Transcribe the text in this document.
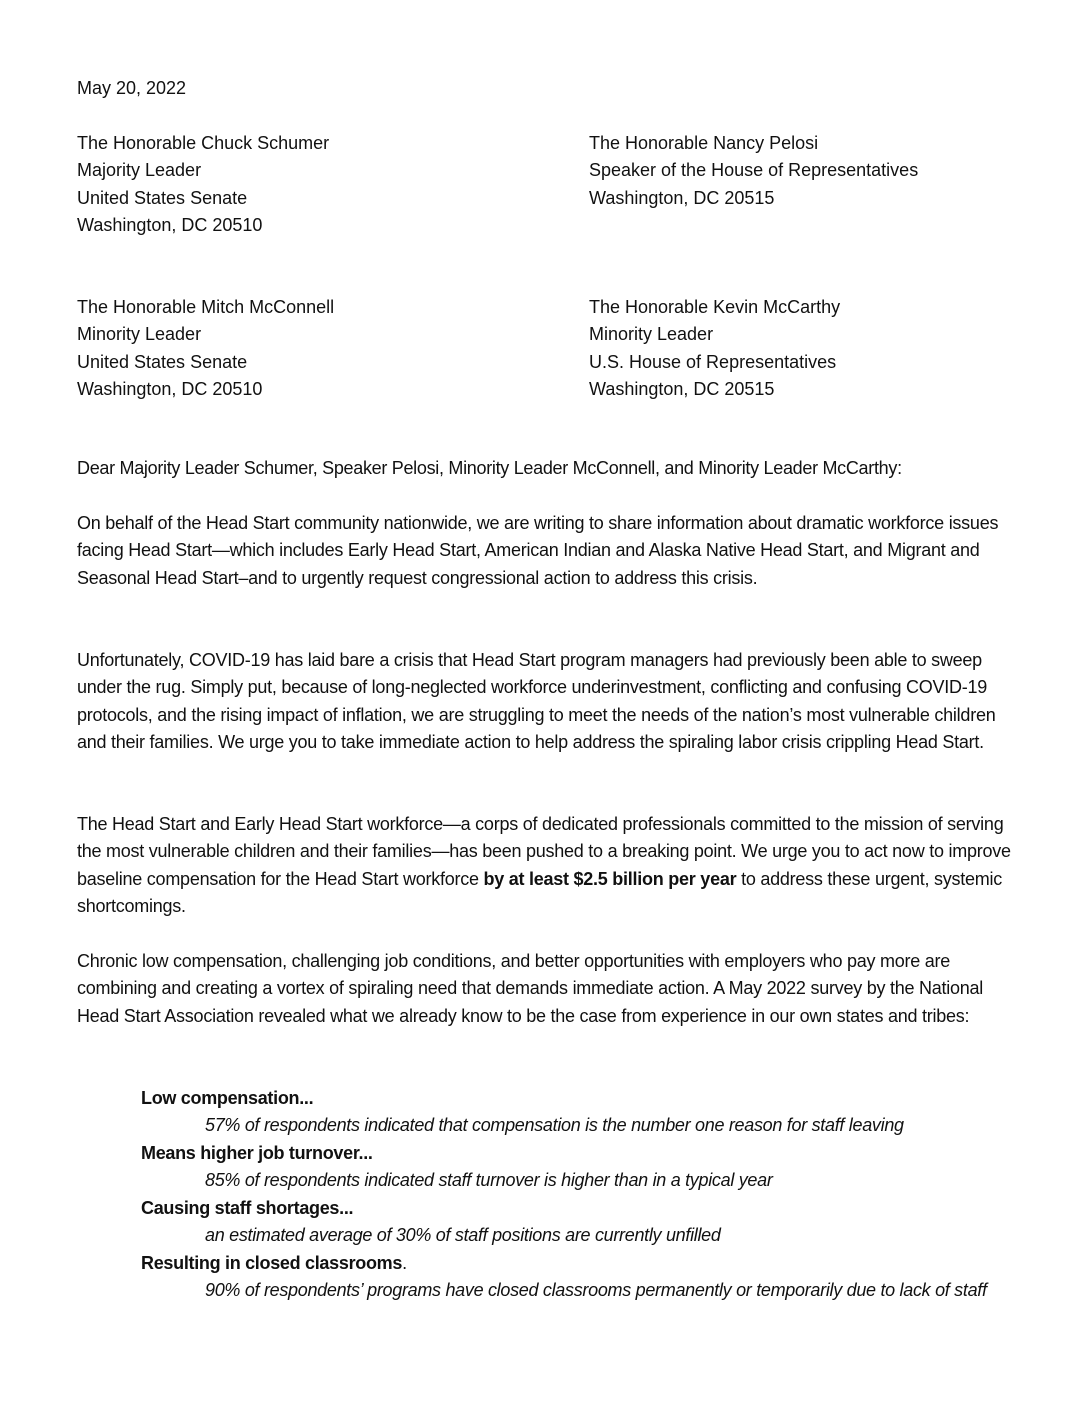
May 20, 2022
The Honorable Chuck Schumer
Majority Leader
United States Senate
Washington, DC 20510
The Honorable Nancy Pelosi
Speaker of the House of Representatives
Washington, DC 20515
The Honorable Mitch McConnell
Minority Leader
United States Senate
Washington, DC 20510
The Honorable Kevin McCarthy
Minority Leader
U.S. House of Representatives
Washington, DC 20515
Dear Majority Leader Schumer, Speaker Pelosi, Minority Leader McConnell, and Minority Leader McCarthy:

On behalf of the Head Start community nationwide, we are writing to share information about dramatic workforce issues facing Head Start—which includes Early Head Start, American Indian and Alaska Native Head Start, and Migrant and Seasonal Head Start–and to urgently request congressional action to address this crisis.

Unfortunately, COVID-19 has laid bare a crisis that Head Start program managers had previously been able to sweep under the rug. Simply put, because of long-neglected workforce underinvestment, conflicting and confusing COVID-19 protocols, and the rising impact of inflation, we are struggling to meet the needs of the nation’s most vulnerable children and their families. We urge you to take immediate action to help address the spiraling labor crisis crippling Head Start.

The Head Start and Early Head Start workforce—a corps of dedicated professionals committed to the mission of serving the most vulnerable children and their families—has been pushed to a breaking point. We urge you to act now to improve baseline compensation for the Head Start workforce by at least $2.5 billion per year to address these urgent, systemic shortcomings.

Chronic low compensation, challenging job conditions, and better opportunities with employers who pay more are combining and creating a vortex of spiraling need that demands immediate action. A May 2022 survey by the National Head Start Association revealed what we already know to be the case from experience in our own states and tribes:

Low compensation...
57% of respondents indicated that compensation is the number one reason for staff leaving
Means higher job turnover...
85% of respondents indicated staff turnover is higher than in a typical year
Causing staff shortages...
an estimated average of 30% of staff positions are currently unfilled
Resulting in closed classrooms.
90% of respondents’ programs have closed classrooms permanently or temporarily due to lack of staff
